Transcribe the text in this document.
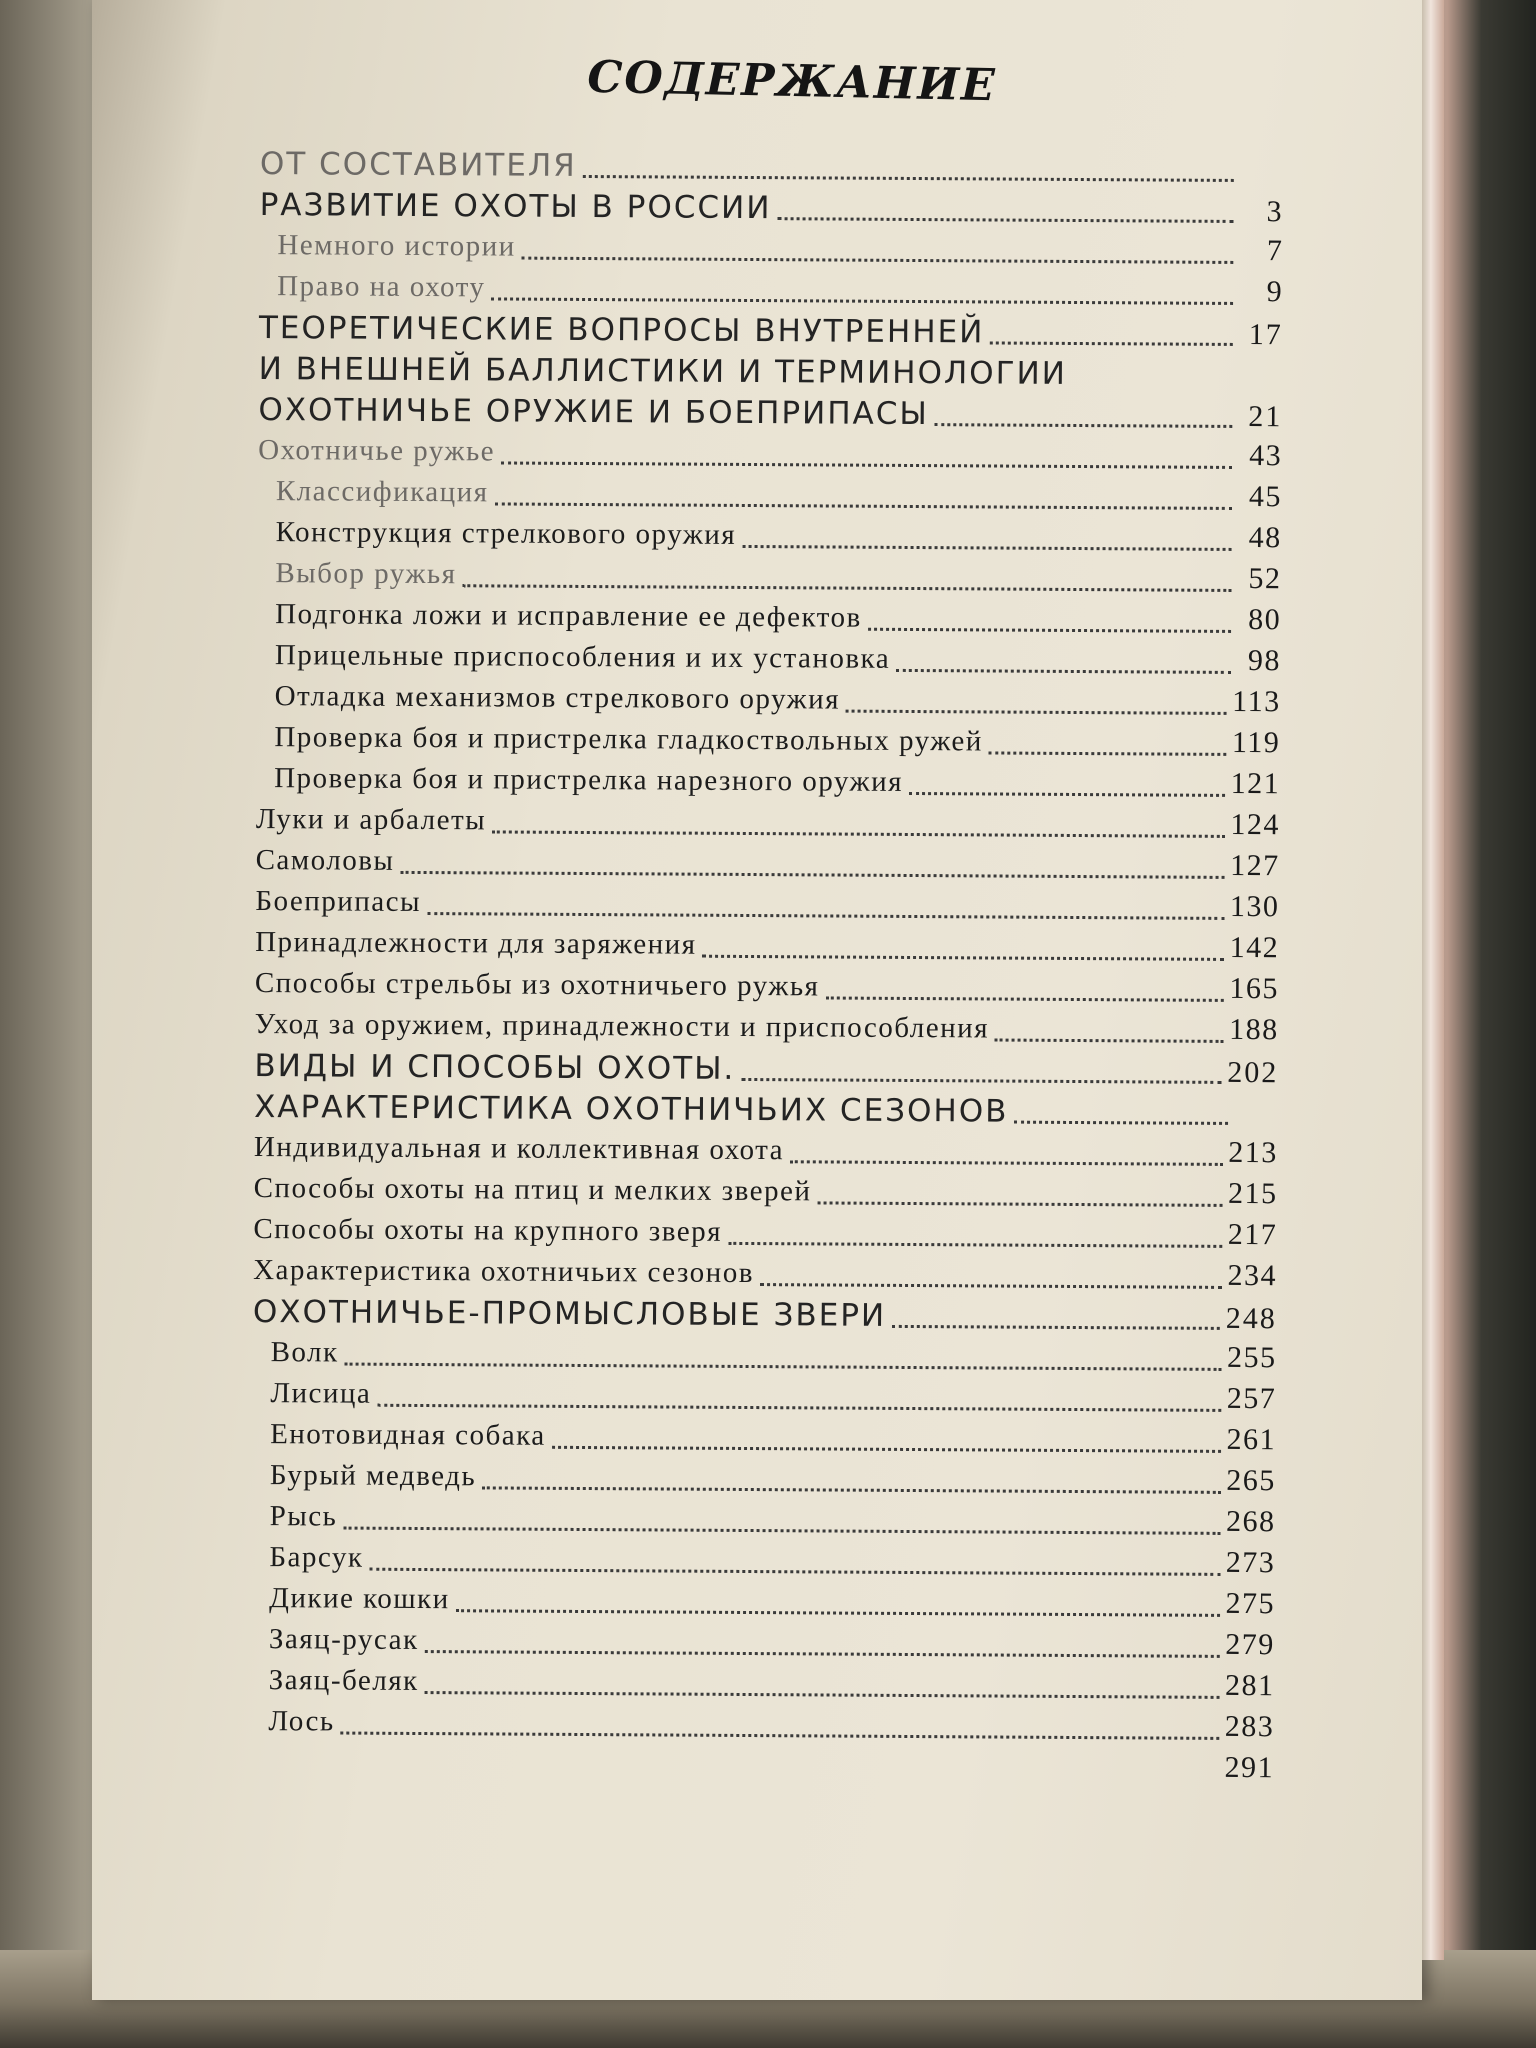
СОДЕРЖАНИЕ
ОТ СОСТАВИТЕЛЯ
РАЗВИТИЕ ОХОТЫ В РОССИИ	3
Немного истории	7
Право на охоту	9
ТЕОРЕТИЧЕСКИЕ ВОПРОСЫ ВНУТРЕННЕЙ	17
И ВНЕШНЕЙ БАЛЛИСТИКИ И ТЕРМИНОЛОГИИ
ОХОТНИЧЬЕ ОРУЖИЕ И БОЕПРИПАСЫ	21
Охотничье ружье	43
Классификация	45
Конструкция стрелкового оружия	48
Выбор ружья	52
Подгонка ложи и исправление ее дефектов	80
Прицельные приспособления и их установка	98
Отладка механизмов стрелкового оружия	113
Проверка боя и пристрелка гладкоствольных ружей	119
Проверка боя и пристрелка нарезного оружия	121
Луки и арбалеты	124
Самоловы	127
Боеприпасы	130
Принадлежности для заряжения	142
Способы стрельбы из охотничьего ружья	165
Уход за оружием, принадлежности и приспособления	188
ВИДЫ И СПОСОБЫ ОХОТЫ.	202
ХАРАКТЕРИСТИКА ОХОТНИЧЬИХ СЕЗОНОВ
Индивидуальная и коллективная охота	213
Способы охоты на птиц и мелких зверей	215
Способы охоты на крупного зверя	217
Характеристика охотничьих сезонов	234
ОХОТНИЧЬЕ-ПРОМЫСЛОВЫЕ ЗВЕРИ	248
Волк	255
Лисица	257
Енотовидная собака	261
Бурый медведь	265
Рысь	268
Барсук	273
Дикие кошки	275
Заяц-русак	279
Заяц-беляк	281
Лось	283
291
